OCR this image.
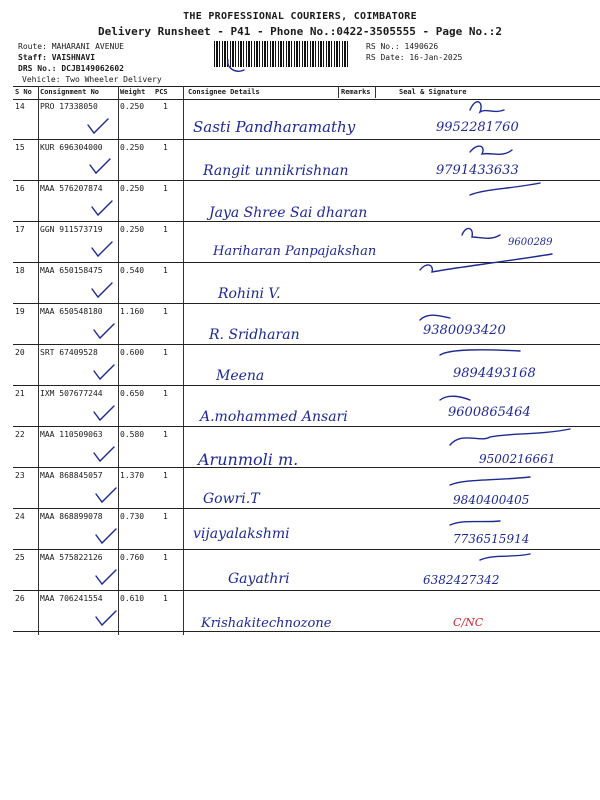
THE PROFESSIONAL COURIERS, COIMBATORE
Delivery Runsheet - P41 - Phone No.:0422-3505555 - Page No.:2
Route: MAHARANI AVENUE
Staff: VAISHNAVI
DRS No.: DCJB149062602
Vehicle: Two Wheeler Delivery
RS No.: 1490626
RS Date: 16-Jan-2025
S No Consignment No	Weight PCS	Consignee Details	Remarks	Seal & Signature
14 PRO 17338050	0.250 1
Sasti Pandharamathy	9952281760
15 KUR 696304000 0.250 1
Rangit unnikrishnan	9791433633
16 MAA 576207874 0.250 1
Jaya Shree Sai dharan
17 GGN 911573719 0.250 1
Hariharan Panpajakshan
9600289
18 MAA 650158475 0.540 1
Rohini V.
19 MAA 650548180 1.160 1
R. Sridharan	9380093420
20 SRT 67409528	0.600 1
Meena	9894493168
21 IXM 507677244 0.650 1
A.mohammed Ansari	9600865464
22 MAA 110509063 0.580 1
Arunmoli m.	9500216661
23 MAA 868845057 1.370 1
Gowri.T	9840400405
24 MAA 868899078 0.730 1
vijayalakshmi	7736515914
25 MAA 575822126 0.760 1
Gayathri	6382427342
26 MAA 706241554 0.610 1
Krishakitechnozone	C/NC
